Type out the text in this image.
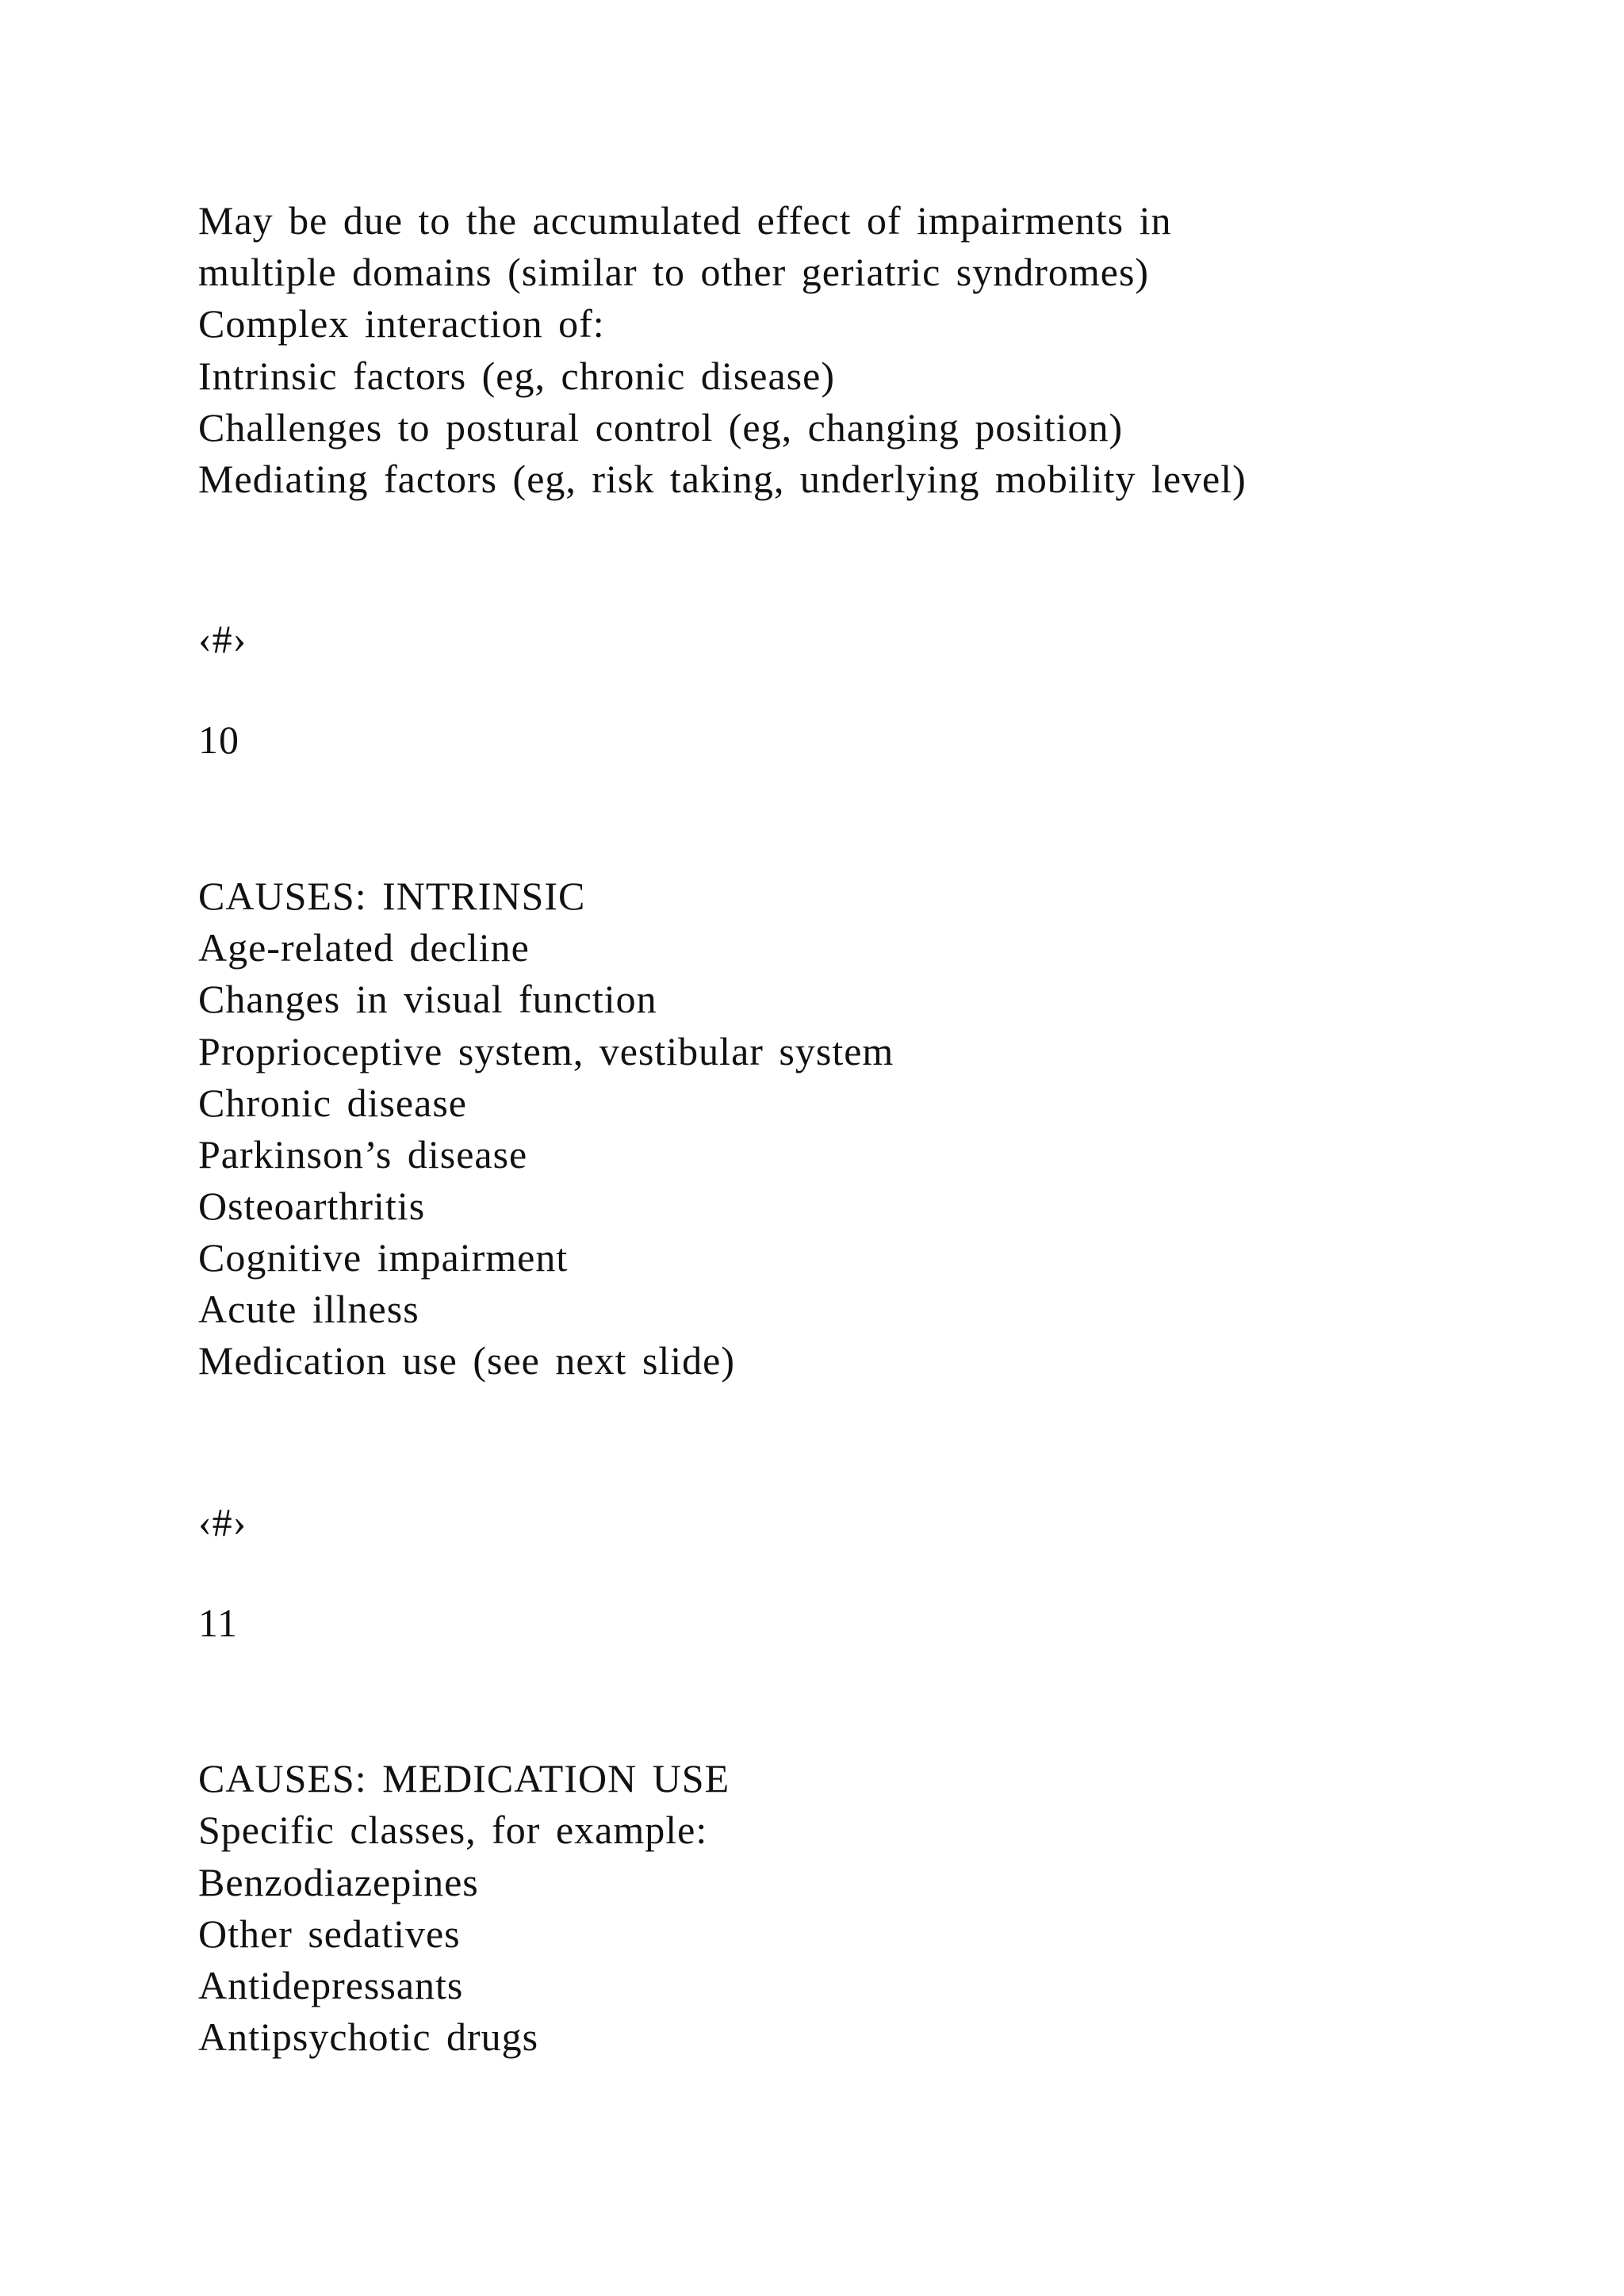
May be due to the accumulated effect of impairments in
multiple domains (similar to other geriatric syndromes)
Complex interaction of:
Intrinsic factors (eg, chronic disease)
Challenges to postural control (eg, changing position)
Mediating factors (eg, risk taking, underlying mobility level)
‹#›
10
CAUSES: INTRINSIC
Age-related decline
Changes in visual function
Proprioceptive system, vestibular system
Chronic disease
Parkinson’s disease
Osteoarthritis
Cognitive impairment
Acute illness
Medication use (see next slide)
‹#›
11
CAUSES: MEDICATION USE
Specific classes, for example:
Benzodiazepines
Other sedatives
Antidepressants
Antipsychotic drugs
